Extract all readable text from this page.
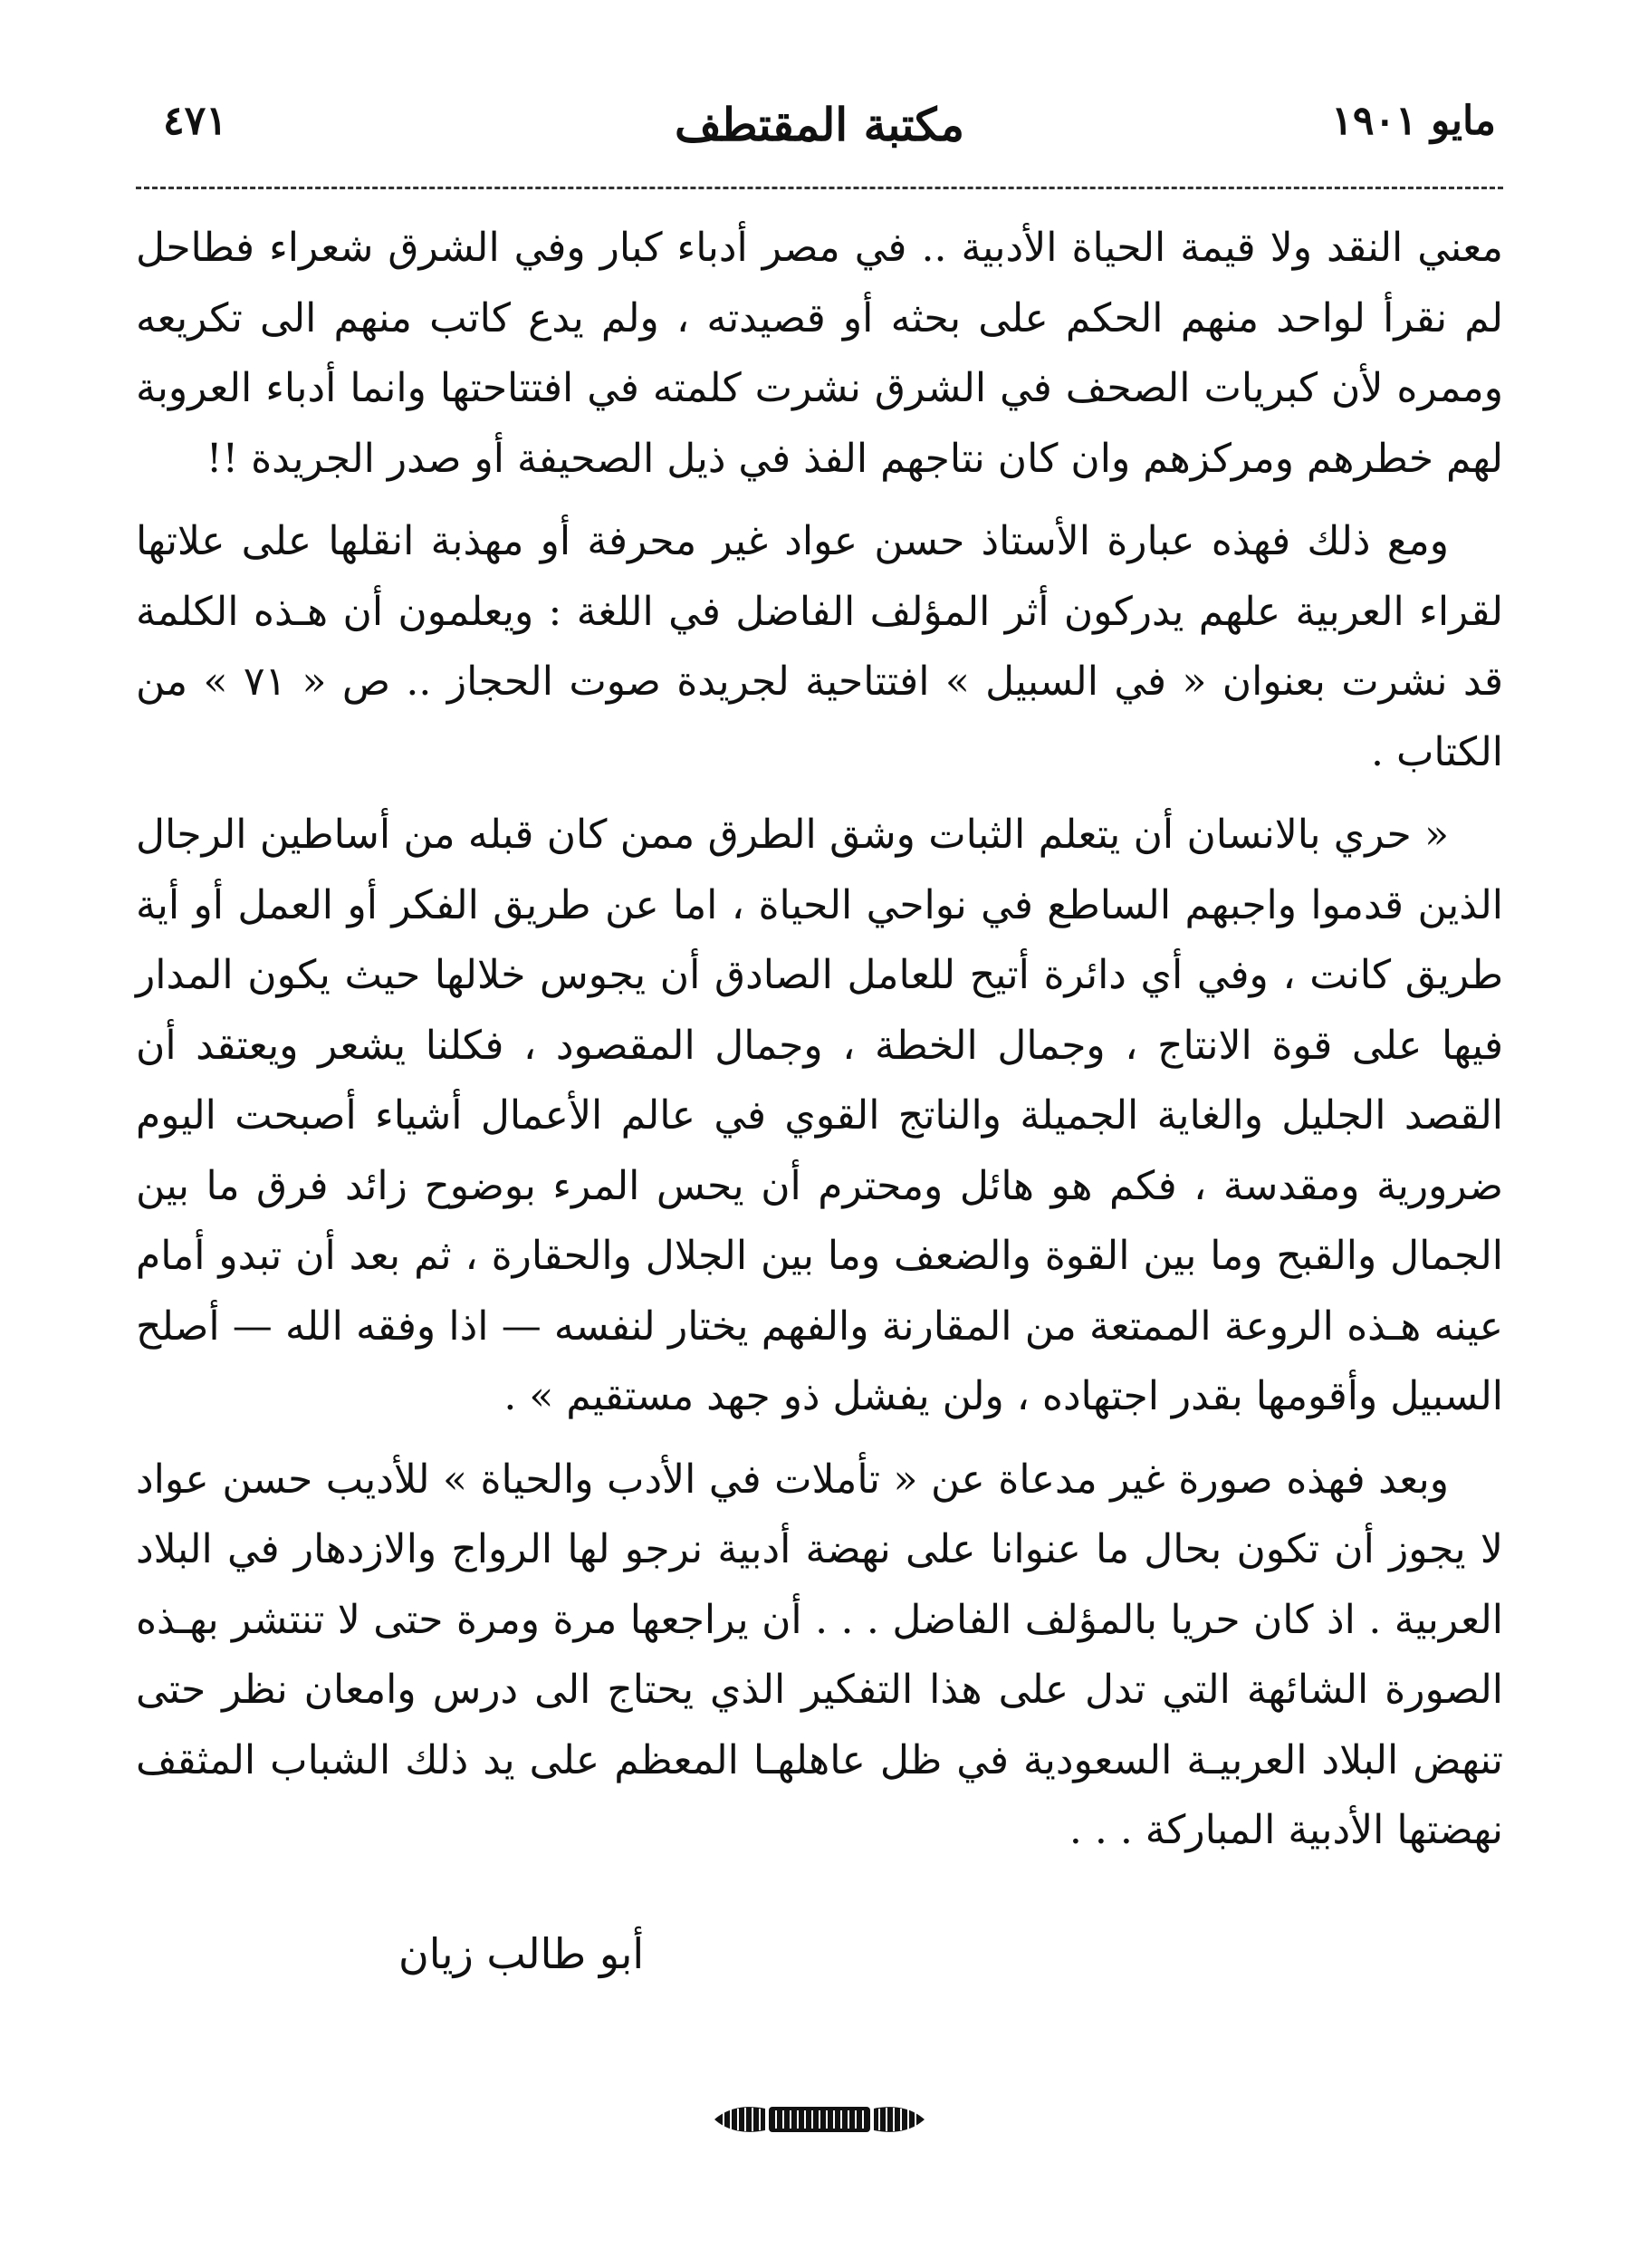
مايو ١٩٠١
مكتبة المقتطف
٤٧١

معني النقد ولا قيمة الحياة الأدبية .. في مصر أدباء كبار وفي الشرق شعراء فطاحل لم نقرأ لواحد منهم الحكم على بحثه أو قصيدته ، ولم يدع كاتب منهم الى تكريعه وممره لأن كبريات الصحف في الشرق نشرت كلمته في افتتاحتها وانما أدباء العروبة لهم خطرهم ومركزهم وان كان نتاجهم الفذ في ذيل الصحيفة أو صدر الجريدة !!

ومع ذلك فهذه عبارة الأستاذ حسن عواد غير محرفة أو مهذبة انقلها على علاتها لقراء العربية علهم يدركون أثر المؤلف الفاضل في اللغة : ويعلمون أن هـذه الكلمة قد نشرت بعنوان « في السبيل » افتتاحية لجريدة صوت الحجاز .. ص « ٧١ » من الكتاب .

« حري بالانسان أن يتعلم الثبات وشق الطرق ممن كان قبله من أساطين الرجال الذين قدموا واجبهم الساطع في نواحي الحياة ، اما عن طريق الفكر أو العمل أو أية طريق كانت ، وفي أي دائرة أتيح للعامل الصادق أن يجوس خلالها حيث يكون المدار فيها على قوة الانتاج ، وجمال الخطة ، وجمال المقصود ، فكلنا يشعر ويعتقد أن القصد الجليل والغاية الجميلة والناتج القوي في عالم الأعمال أشياء أصبحت اليوم ضرورية ومقدسة ، فكم هو هائل ومحترم أن يحس المرء بوضوح زائد فرق ما بين الجمال والقبح وما بين القوة والضعف وما بين الجلال والحقارة ، ثم بعد أن تبدو أمام عينه هـذه الروعة الممتعة من المقارنة والفهم يختار لنفسه — اذا وفقه الله — أصلح السبيل وأقومها بقدر اجتهاده ، ولن يفشل ذو جهد مستقيم » .

وبعد فهذه صورة غير مدعاة عن « تأملات في الأدب والحياة » للأديب حسن عواد لا يجوز أن تكون بحال ما عنوانا على نهضة أدبية نرجو لها الرواج والازدهار في البلاد العربية . اذ كان حريا بالمؤلف الفاضل . . . أن يراجعها مرة ومرة حتى لا تنتشر بهـذه الصورة الشائهة التي تدل على هذا التفكير الذي يحتاج الى درس وامعان نظر حتى تنهض البلاد العربيـة السعودية في ظل عاهلهـا المعظم على يد ذلك الشباب المثقف نهضتها الأدبية المباركة . . .

أبو طالب زيان
